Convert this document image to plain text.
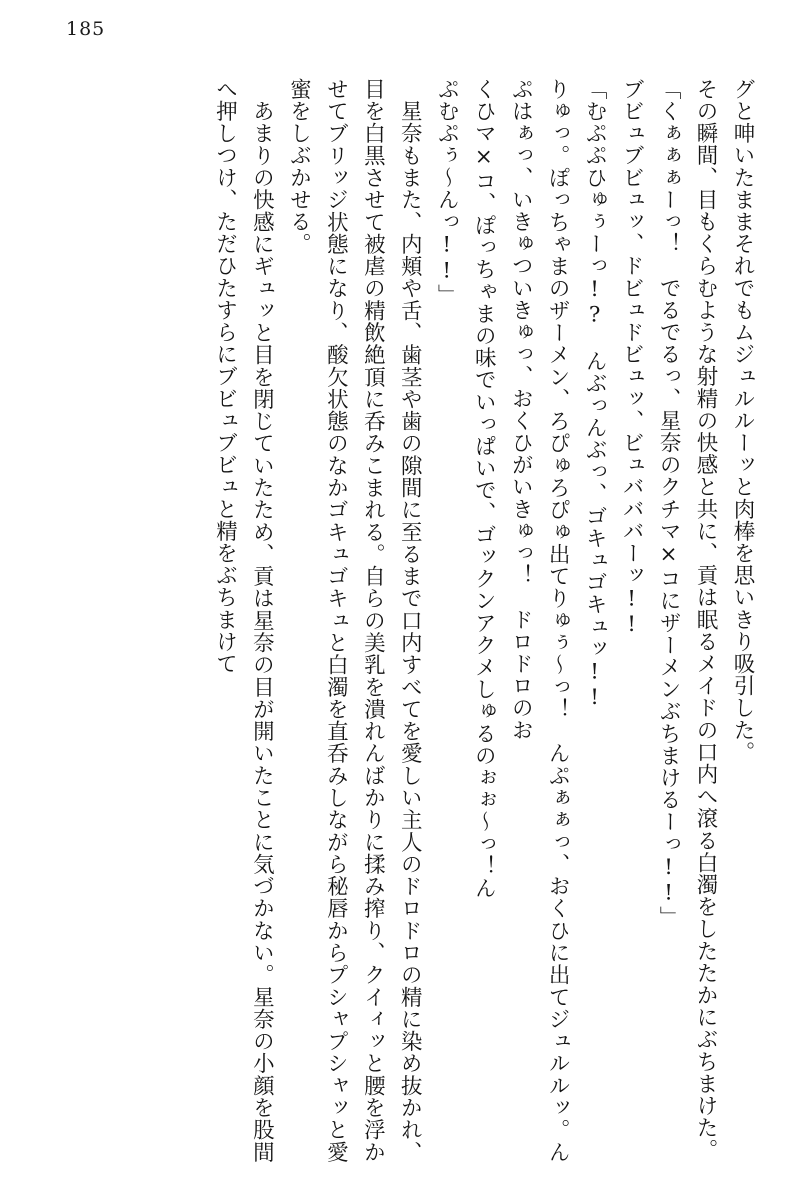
185

グと呻いたままそれでもムジュルルーッと肉棒を思いきり吸引した。

その瞬間、目もくらむような射精の快感と共に、貢は眠るメイドの口内へ滾る白濁をしたたかにぶちまけた。

「くぁぁぁーっ！　でるでるっ、星奈のクチマ×コにザーメンぶちまけるーっ!!」

ブビュブビュッ、ドビュドビュッ、ビュバババーッ!!

「むぷぷひゅぅーっ!?　んぶっんぶっ、ゴキュゴキュッ!!

りゅっ。ぽっちゃまのザーメン、ろぴゅろぴゅ出てりゅぅ〜っ！　んぷぁぁっ、おくひに出てジュルルッ。んぷはぁっ、いきゅついきゅっ、おくひがいきゅっ！　ドロドロのお

くひマ×コ、ぽっちゃまの味でいっぱいで、ゴックンアクメしゅるのぉぉ〜っ！ん

ぷむぷぅ〜んっ!!」

　星奈もまた、内頬や舌、歯茎や歯の隙間に至るまで口内すべてを愛しい主人のドロドロの精に染め抜かれ、目を白黒させて被虐の精飲絶頂に呑みこまれる。自らの美乳を潰れんばかりに揉み搾り、クイィッと腰を浮かせてブリッジ状態になり、酸欠状態のなかゴキュゴキュと白濁を直呑みしながら秘唇からプシャプシャッと愛蜜をしぶかせる。

　あまりの快感にギュッと目を閉じていたため、貢は星奈の目が開いたことに気づかない。星奈の小顔を股間へ押しつけ、ただひたすらにブビュブビュと精をぶちまけて
